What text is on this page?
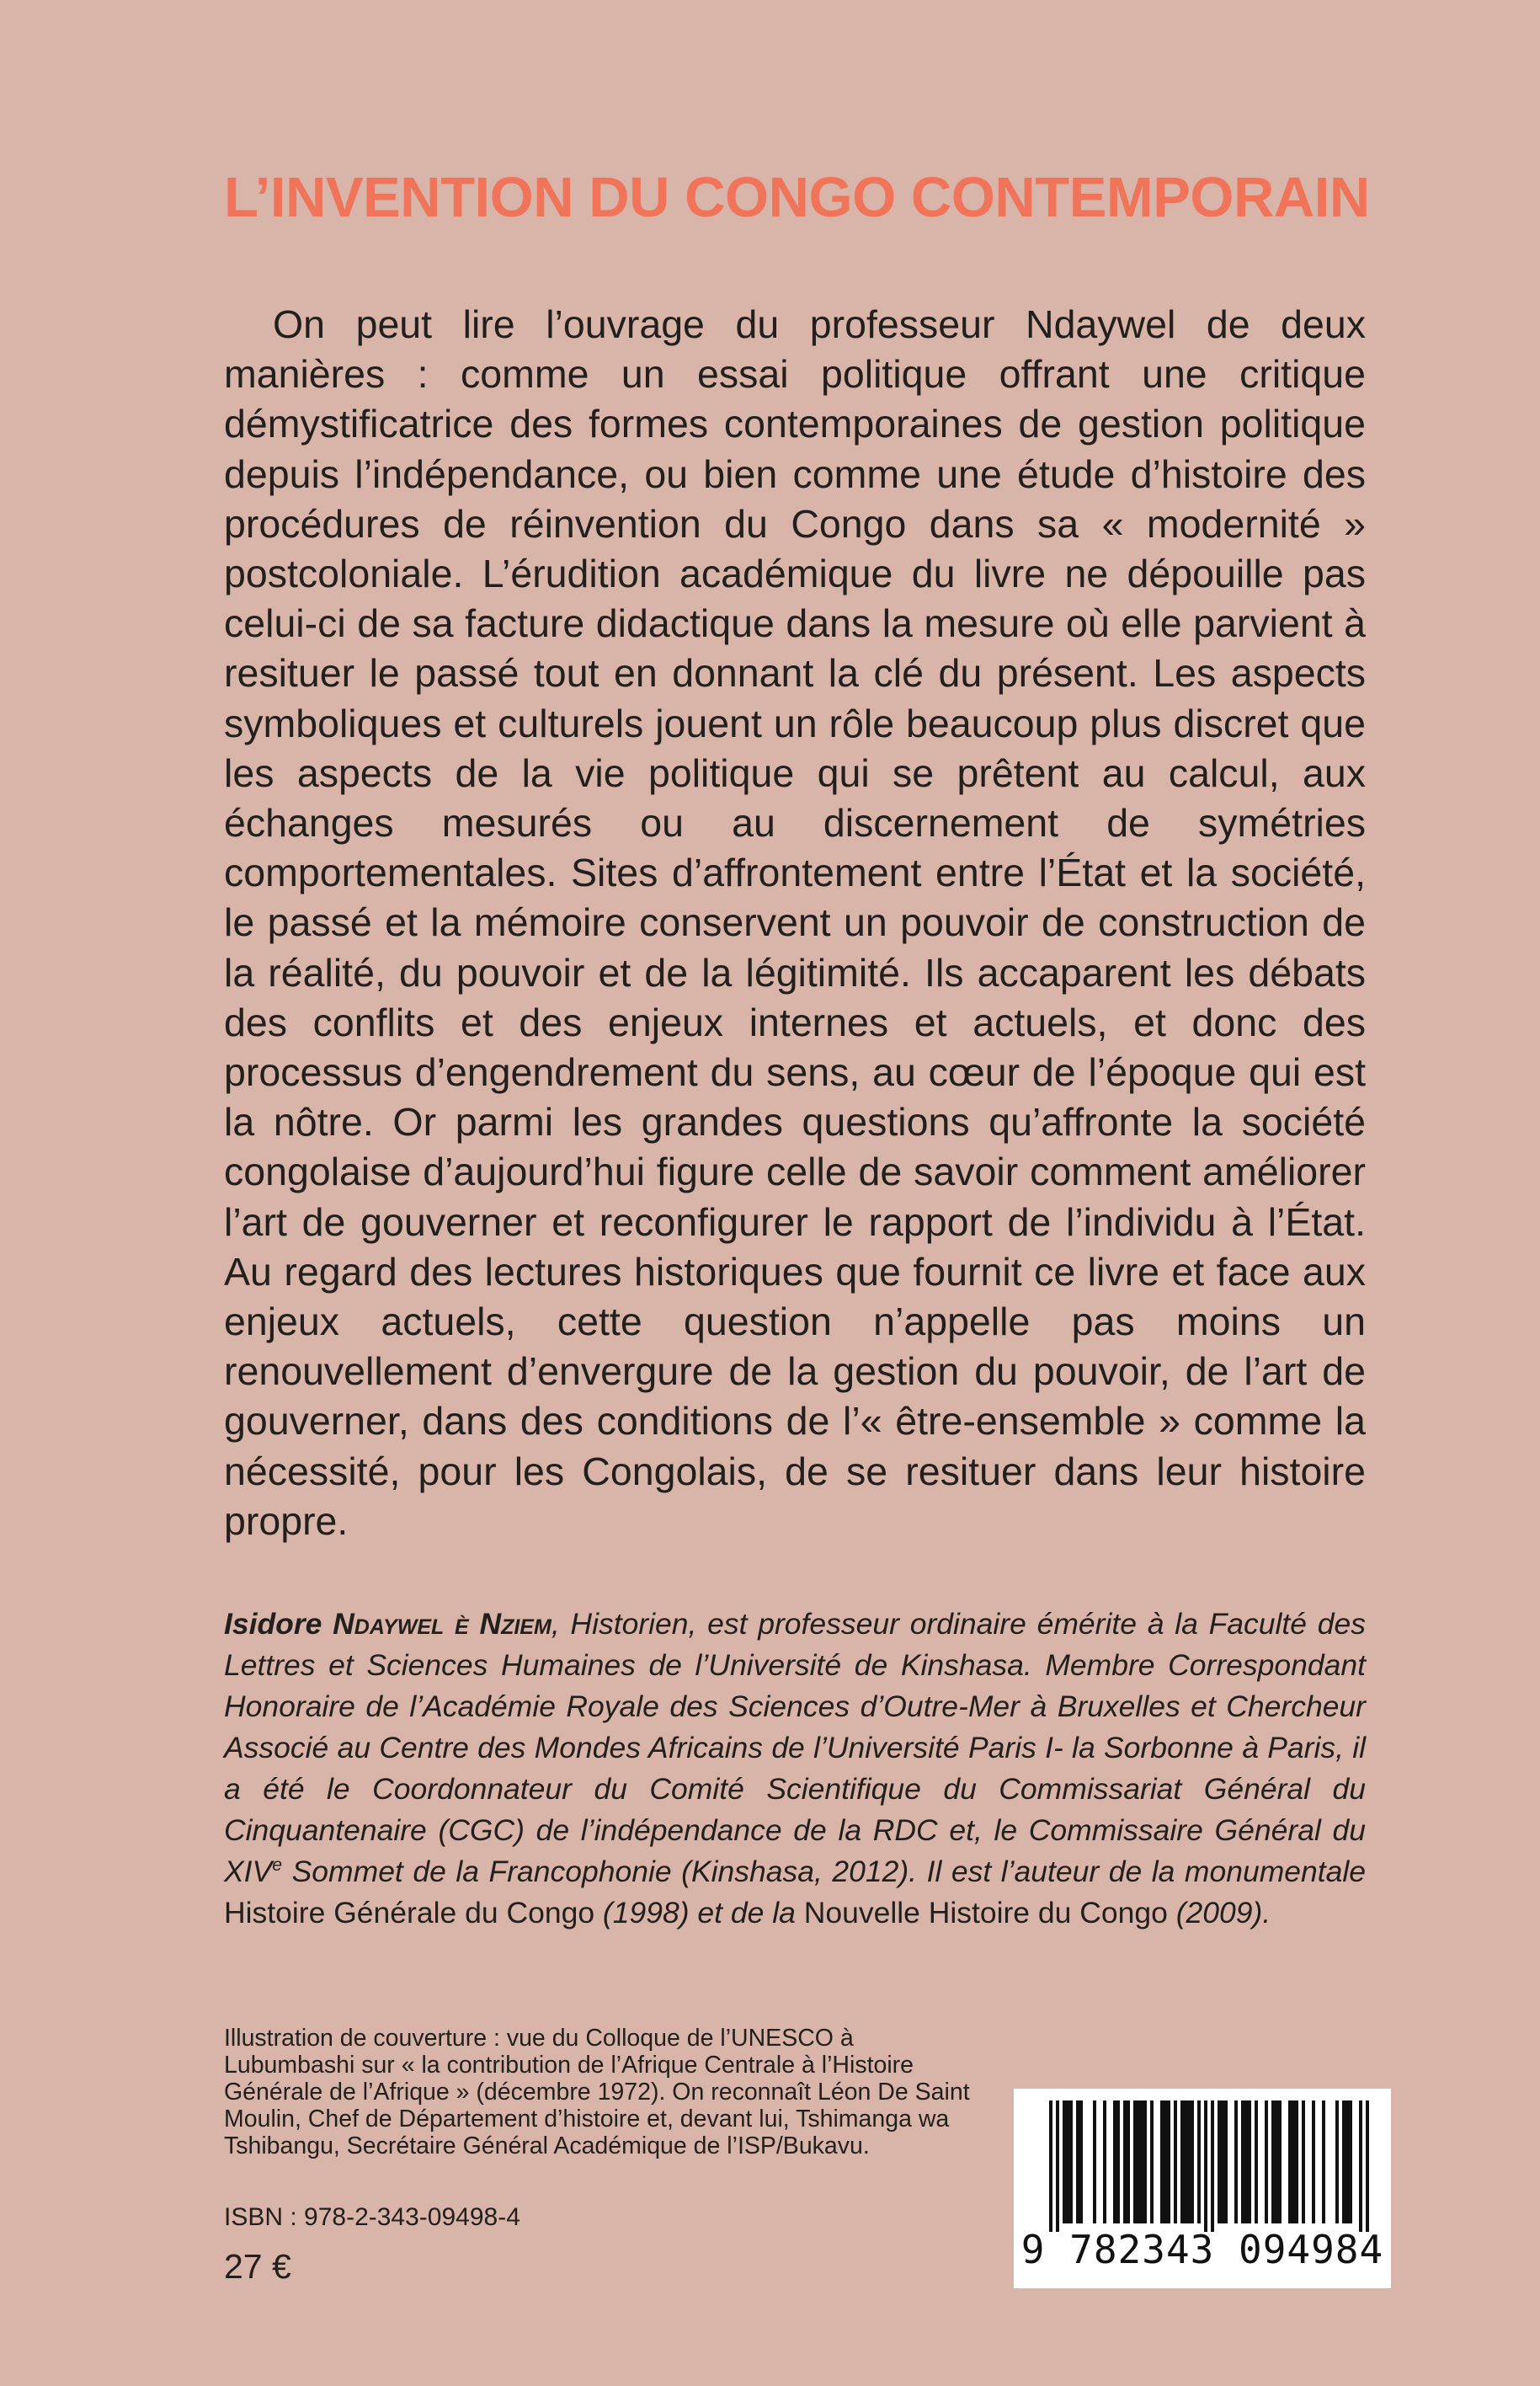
L’INVENTION DU CONGO CONTEMPORAIN

On peut lire l’ouvrage du professeur Ndaywel de deux manières : comme un essai politique offrant une critique démystificatrice des formes contemporaines de gestion politique depuis l’indépendance, ou bien comme une étude d’histoire des procédures de réinvention du Congo dans sa « modernité » postcoloniale. L’érudition académique du livre ne dépouille pas celui-ci de sa facture didactique dans la mesure où elle parvient à resituer le passé tout en donnant la clé du présent. Les aspects symboliques et culturels jouent un rôle beaucoup plus discret que les aspects de la vie politique qui se prêtent au calcul, aux échanges mesurés ou au discernement de symétries comportementales. Sites d’affrontement entre l’État et la société, le passé et la mémoire conservent un pouvoir de construction de la réalité, du pouvoir et de la légitimité. Ils accaparent les débats des conflits et des enjeux internes et actuels, et donc des processus d’engendrement du sens, au cœur de l’époque qui est la nôtre. Or parmi les grandes questions qu’affronte la société congolaise d’aujourd’hui figure celle de savoir comment améliorer l’art de gouverner et reconfigurer le rapport de l’individu à l’État. Au regard des lectures historiques que fournit ce livre et face aux enjeux actuels, cette question n’appelle pas moins un renouvellement d’envergure de la gestion du pouvoir, de l’art de gouverner, dans des conditions de l’« être-ensemble » comme la nécessité, pour les Congolais, de se resituer dans leur histoire propre.

Isidore Ndaywel è Nziem, Historien, est professeur ordinaire émérite à la Faculté des Lettres et Sciences Humaines de l’Université de Kinshasa. Membre Correspondant Honoraire de l’Académie Royale des Sciences d’Outre-Mer à Bruxelles et Chercheur Associé au Centre des Mondes Africains de l’Université Paris I- la Sorbonne à Paris, il a été le Coordonnateur du Comité Scientifique du Commissariat Général du Cinquantenaire (CGC) de l’indépendance de la RDC et, le Commissaire Général du XIVe Sommet de la Francophonie (Kinshasa, 2012). Il est l’auteur de la monumentale Histoire Générale du Congo (1998) et de la Nouvelle Histoire du Congo (2009).

Illustration de couverture : vue du Colloque de l’UNESCO à Lubumbashi sur « la contribution de l’Afrique Centrale à l’Histoire Générale de l’Afrique » (décembre 1972). On reconnaît Léon De Saint Moulin, Chef de Département d’histoire et, devant lui, Tshimanga wa Tshibangu, Secrétaire Général Académique de l’ISP/Bukavu.

ISBN : 978-2-343-09498-4

27 €	9 782343 094984
